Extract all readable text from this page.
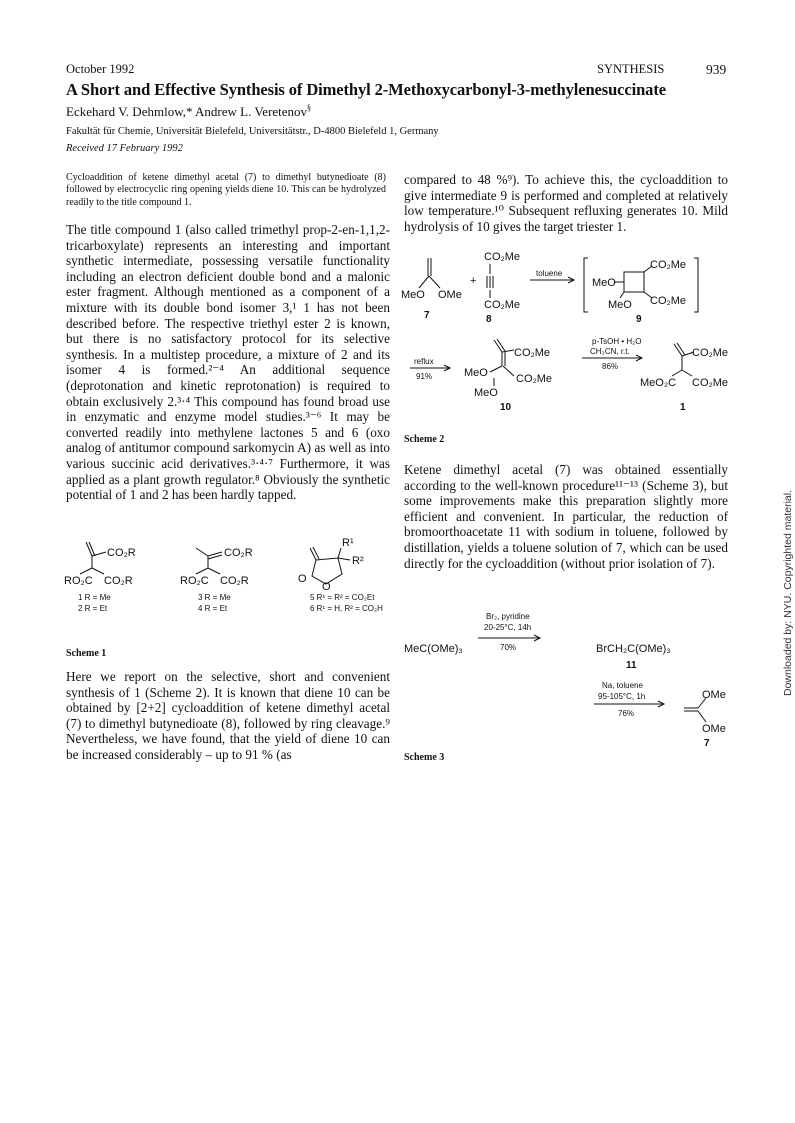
October 1992	SYNTHESIS	939
A Short and Effective Synthesis of Dimethyl 2-Methoxycarbonyl-3-methylenesuccinate
Eckehard V. Dehmlow,* Andrew L. Veretenov§
Fakultät für Chemie, Universität Bielefeld, Universitätstr., D-4800 Bielefeld 1, Germany
Received 17 February 1992
Cycloaddition of ketene dimethyl acetal (7) to dimethyl butynedioate (8) followed by electrocyclic ring opening yields diene 10. This can be hydrolyzed readily to the title compound 1.
The title compound 1 (also called trimethyl prop-2-en-1,1,2-tricarboxylate) represents an interesting and important synthetic intermediate, possessing versatile functionality including an electron deficient double bond and a malonic ester fragment. Although mentioned as a component of a mixture with its double bond isomer 3,¹ 1 has not been described before. The respective triethyl ester 2 is known, but there is no satisfactory protocol for its selective synthesis. In a multistep procedure, a mixture of 2 and its isomer 4 is formed.²⁻⁴ An additional sequence (deprotonation and kinetic reprotonation) is required to obtain exclusively 2.³·⁴ This compound has found broad use in enzymatic and enzyme model studies.³⁻⁶ It may be converted readily into methylene lactones 5 and 6 (oxo analog of antitumor compound sarkomycin A) as well as into various succinic acid derivatives.³·⁴·⁷ Furthermore, it was applied as a plant growth regulator.⁸ Obviously the synthetic potential of 1 and 2 has been hardly tapped.
CO₂R
RO₂C CO₂R
1 R = Me
2 R = Et
CO₂R
RO₂C CO₂R
3 R = Me
4 R = Et
R¹
R²
O
O
5 R¹ = R² = CO₂Et
6 R¹ = H, R² = CO₂H
Scheme 1
Here we report on the selective, short and convenient synthesis of 1 (Scheme 2). It is known that diene 10 can be obtained by [2+2] cycloaddition of ketene dimethyl acetal (7) to dimethyl butynedioate (8), followed by ring cleavage.⁹ Nevertheless, we have found, that the yield of diene 10 can be increased considerably – up to 91 % (as
compared to 48 %⁹). To achieve this, the cycloaddition to give intermediate 9 is performed and completed at relatively low temperature.¹⁰ Subsequent refluxing generates 10. Mild hydrolysis of 10 gives the target triester 1.
MeO OMe
7
+
CO₂Me
CO₂Me
8
toluene
CO₂Me
MeO
MeO CO₂Me
9
reflux
91%
CO₂Me
MeO	CO₂Me
MeO
10
p-TsOH • H₂O
CH₃CN, r.t.
86%
CO₂Me
MeO₂C CO₂Me
1
Scheme 2
Ketene dimethyl acetal (7) was obtained essentially according to the well-known procedure¹¹⁻¹³ (Scheme 3), but some improvements make this preparation slightly more efficient and convenient. In particular, the reduction of bromoorthoacetate 11 with sodium in toluene, followed by distillation, yields a toluene solution of 7, which can be used directly for the cycloaddition (without prior isolation of 7).
MeC(OMe)₃
Br₂, pyridine
20-25°C, 14h
70%	BrCH₂C(OMe)₃
11
Na, toluene
95-105°C, 1h
76%
OMe
OMe
7
Scheme 3
Downloaded by: NYU. Copyrighted material.
